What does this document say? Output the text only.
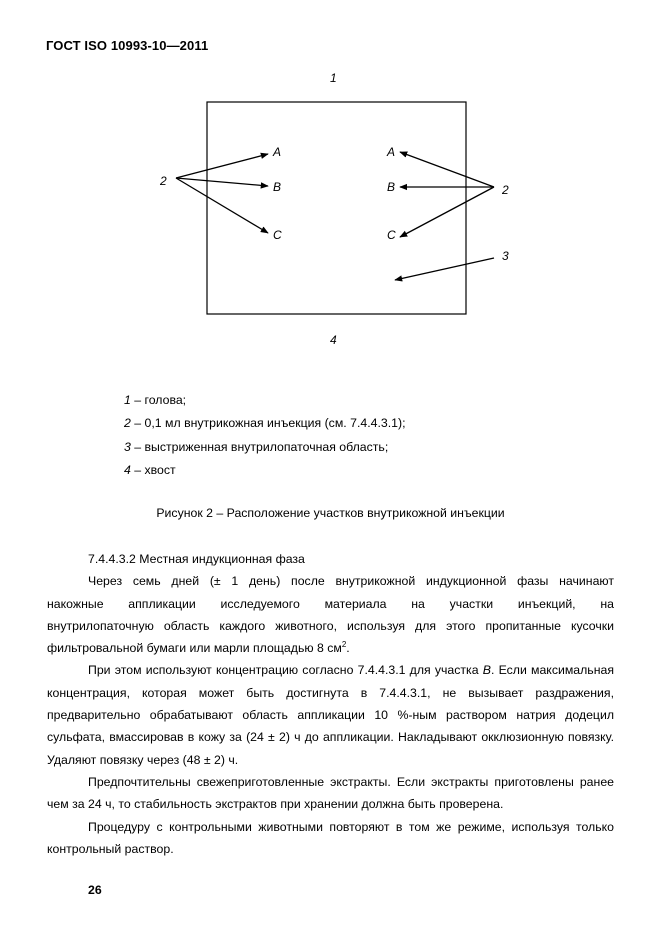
ГОСТ ISO 10993-10—2011
1
4
2
A
B
C
2
A
B
C
3
1 – голова;
2 – 0,1 мл внутрикожная инъекция (см. 7.4.4.3.1);
3 – выстриженная внутрилопаточная область;
4 – хвост
Рисунок 2 – Расположение участков внутрикожной инъекции
7.4.4.3.2 Местная индукционная фаза

Через семь дней (± 1 день) после внутрикожной индукционной фазы начинают

накожные аппликации исследуемого материала на участки инъекций, на

внутрилопаточную область каждого животного, используя для этого пропитанные кусочки

фильтровальной бумаги или марли площадью 8 $см^2$.

При этом используют концентрацию согласно 7.4.4.3.1 для участка В. Если максимальная концентрация, которая может быть достигнута в 7.4.4.3.1, не вызывает раздражения, предварительно обрабатывают область аппликации 10 %-ным раствором натрия додецил сульфата, вмассировав в кожу за (24 ± 2) ч до аппликации. Накладывают окклюзионную повязку. Удаляют повязку через (48 ± 2) ч.

Предпочтительны свежеприготовленные экстракты. Если экстракты приготовлены ранее чем за 24 ч, то стабильность экстрактов при хранении должна быть проверена.

Процедуру с контрольными животными повторяют в том же режиме, используя только контрольный раствор.

26
